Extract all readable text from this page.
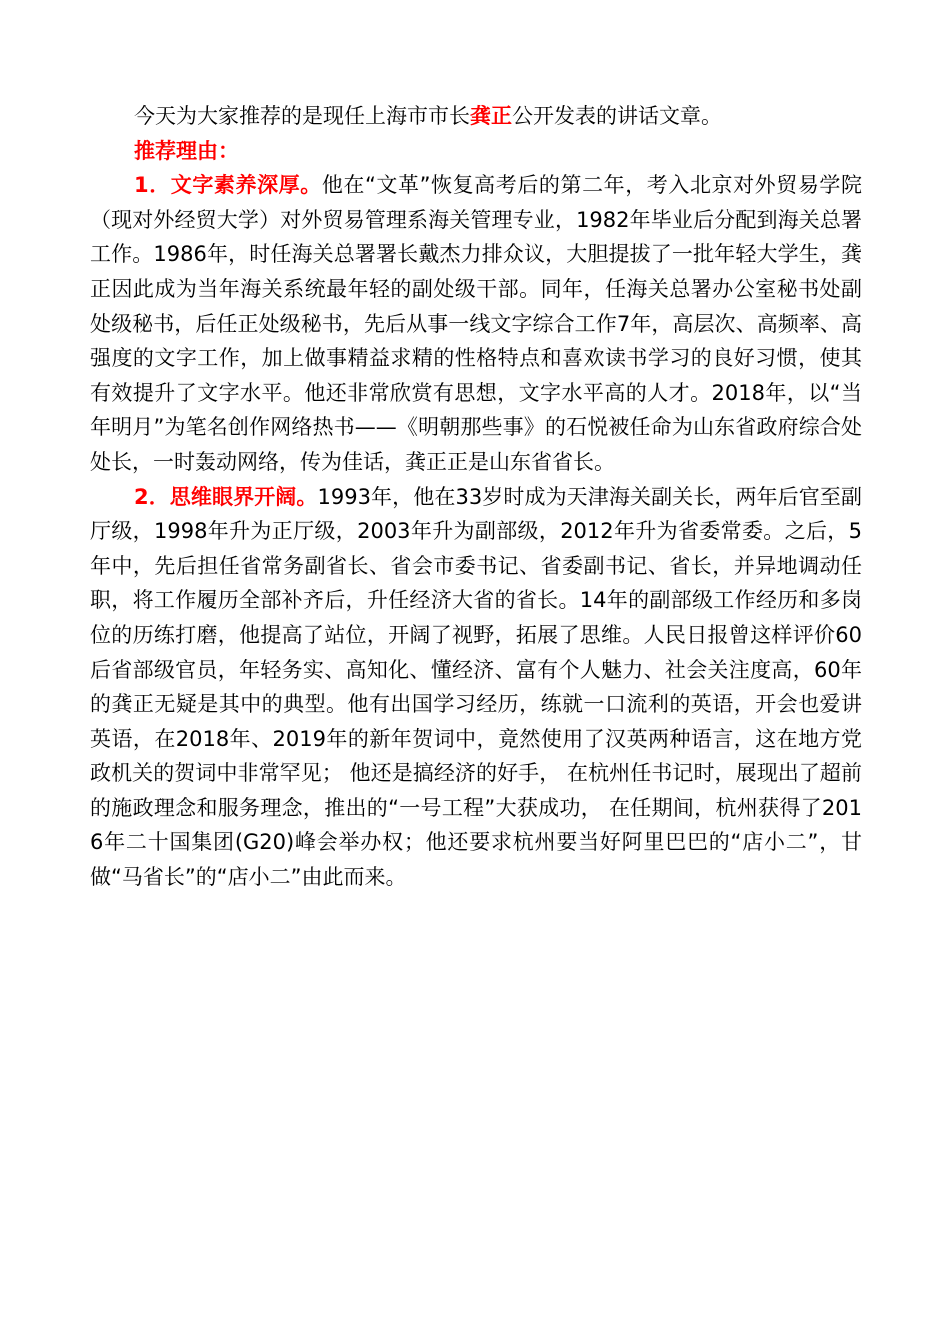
今天为大家推荐的是现任上海市市长龚正公开发表的讲话文章。

推荐理由：

1．文字素养深厚。他在“文革”恢复高考后的第二年，考入北京对外贸易学院（现对外经贸大学）对外贸易管理系海关管理专业，1982年毕业后分配到海关总署工作。1986年，时任海关总署署长戴杰力排众议，大胆提拔了一批年轻大学生，龚正因此成为当年海关系统最年轻的副处级干部。同年，任海关总署办公室秘书处副处级秘书，后任正处级秘书，先后从事一线文字综合工作7年，高层次、高频率、高强度的文字工作，加上做事精益求精的性格特点和喜欢读书学习的良好习惯，使其有效提升了文字水平。他还非常欣赏有思想，文字水平高的人才。2018年，以“当年明月”为笔名创作网络热书——《明朝那些事》的石悦被任命为山东省政府综合处处长，一时轰动网络，传为佳话，龚正正是山东省省长。

2．思维眼界开阔。1993年，他在33岁时成为天津海关副关长，两年后官至副厅级，1998年升为正厅级，2003年升为副部级，2012年升为省委常委。之后，5年中，先后担任省常务副省长、省会市委书记、省委副书记、省长，并异地调动任职，将工作履历全部补齐后，升任经济大省的省长。14年的副部级工作经历和多岗位的历练打磨，他提高了站位，开阔了视野，拓展了思维。人民日报曾这样评价60后省部级官员，年轻务实、高知化、懂经济、富有个人魅力、社会关注度高，60年的龚正无疑是其中的典型。他有出国学习经历，练就一口流利的英语，开会也爱讲英语，在2018年、2019年的新年贺词中，竟然使用了汉英两种语言，这在地方党政机关的贺词中非常罕见； 他还是搞经济的好手， 在杭州任书记时，展现出了超前的施政理念和服务理念，推出的“一号工程”大获成功， 在任期间，杭州获得了2016年二十国集团(G20)峰会举办权；他还要求杭州要当好阿里巴巴的“店小二”，甘做“马省长”的“店小二”由此而来。
